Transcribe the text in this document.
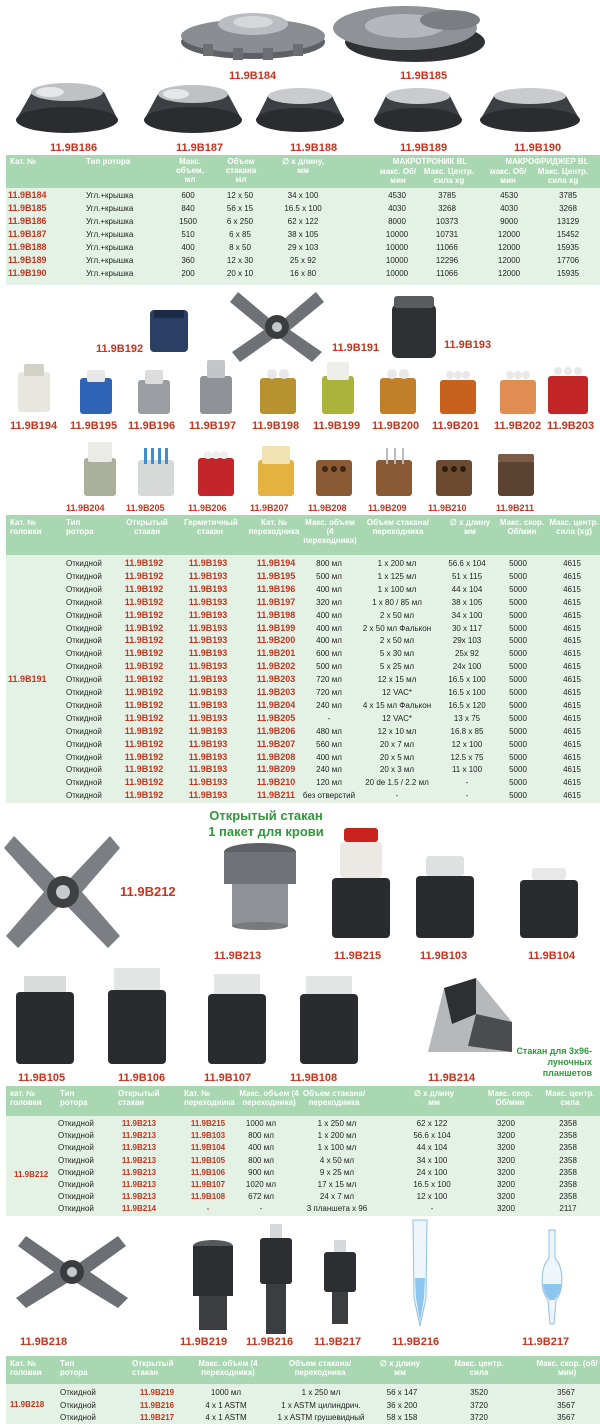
11.9B184	11.9B185
11.9B186	11.9B187	11.9B188	11.9B189	11.9B190
Кат. №	Тип ротора	Макс. объем, мл
Объем стакана мл
∅ x длину, мм
МАКРОТРОНИК BL	МАКРОФРИДЖЕР BL
макс. Об/мин
Макс. Центр. сила xg
макс. Об/мин
Макс. Центр. сила xg
11.9B184	Угл.+крышка	600	12 x 50	34 x 100	4530	3785	4530	3785
11.9B185	Угл.+крышка	840	56 x 15	16.5 x 100	4030	3268	4030	3268
11.9B186	Угл.+крышка	1500	6 x 250	62 x 122	8000	10373	9000	13129
11.9B187	Угл.+крышка	510	6 x 85	38 x 105	10000	10731	12000	15452
11.9B188	Угл.+крышка	400	8 x 50	29 x 103	10000	11066	12000	15935
11.9B189	Угл.+крышка	360	12 x 30	25 x 92	10000	12296	12000	17706
11.9B190	Угл.+крышка	200	20 x 10	16 x 80	10000	11066	12000	15935
11.9B192	11.9B191	11.9B193
11.9B194 11.9B195 11.9B196 11.9B197 11.9B198 11.9B199 11.9B200 11.9B201 11.9B202 11.9B203
11.9B204 11.9B205	11.9B206	11.9B207 11.9B208 11.9B209 11.9B210	11.9B211
Кат. № головки
Тип ротора
Открытый стакан
Герметичный стакан
Кат. № переходника
Макс. объем (4 переходника)
Объем стакана/ переходника
∅ x длину мм
Макс. скор. Об/мин
Макс. центр. сила (xg)
11.9B191
Откидной	11.9B192	11.9B193	11.9B194	800 мл	1 x 200 мл	56.6 x 104	5000	4615
Откидной	11.9B192	11.9B193	11.9B195	500 мл	1 x 125 мл	51 x 115	5000	4615
Откидной	11.9B192	11.9B193	11.9B196	400 мл	1 x 100 мл	44 x 104	5000	4615
Откидной	11.9B192	11.9B193	11.9B197	320 мл	1 x 80 / 85 мл	38 x 105	5000	4615
Откидной	11.9B192	11.9B193	11.9B198	400 мл	2 x 50 мл	34 x 100	5000	4615
Откидной	11.9B192	11.9B193	11.9B199	400 мл	2 x 50 мл Фалькон	30 x 117	5000	4615
Откидной	11.9B192	11.9B193	11.9B200	400 мл	2 x 50 мл	29x 103	5000	4615
Откидной	11.9B192	11.9B193	11.9B201	600 мл	5 x 30 мл	25x 92	5000	4615
Откидной	11.9B192	11.9B193	11.9B202	500 мл	5 x 25 мл	24x 100	5000	4615
Откидной	11.9B192	11.9B193	11.9B203	720 мл	12 x 15 мл	16.5 x 100	5000	4615
Откидной	11.9B192	11.9B193	11.9B203	720 мл	12 VAC*	16.5 x 100	5000	4615
Откидной	11.9B192	11.9B193	11.9B204	240 мл	4 x 15 мл Фалькон	16.5 x 120	5000	4615
Откидной	11.9B192	11.9B193	11.9B205	-	12 VAC*	13 x 75	5000	4615
Откидной	11.9B192	11.9B193	11.9B206	480 мл	12 x 10 мл	16.8 x 85	5000	4615
Откидной	11.9B192	11.9B193	11.9B207	560 мл	20 x 7 мл	12 x 100	5000	4615
Откидной	11.9B192	11.9B193	11.9B208	400 мл	20 x 5 мл	12.5 x 75	5000	4615
Откидной	11.9B192	11.9B193	11.9B209	240 мл	20 x 3 мл	11 x 100	5000	4615
Откидной	11.9B192	11.9B193	11.9B210	120 мл	20 de 1.5 / 2.2 мл	-	5000	4615
Откидной	11.9B192	11.9B193	11.9B211 без отверстий	-	-	5000	4615
11.9B212
Открытый стакан
1 пакет для крови
11.9B213	11.9B215	11.9B103	11.9B104
Стакан для 3x96-луночных планшетов
11.9B105	11.9B106	11.9B107	11.9B108	11.9B214
кат. № головки
Тип ротора
Открытый стакан
Кат. № переходника
Макс. объем (4 переходника)
Объем стакана/ переходника
∅ x длину мм
Макс. скор. Об/мин
Макс. центр. сила
11.9B212
Откидной	11.9B213	11.9B215	1000 мл	1 x 250 мл	62 x 122	3200	2358
Откидной	11.9B213	11.9B103	800 мл	1 x 200 мл	56.6 x 104	3200	2358
Откидной	11.9B213	11.9B104	400 мл	1 x 100 мл	44 x 104	3200	2358
Откидной	11.9B213	11.9B105	800 мл	4 x 50 мл	34 x 100	3200	2358
Откидной	11.9B213	11.9B106	900 мл	9 x 25 мл	24 x 100	3200	2358
Откидной	11.9B213	11.9B107	1020 мл	17 x 15 мл	16.5 x 100	3200	2358
Откидной	11.9B213	11.9B108	672 мл	24 x 7 мл	12 x 100	3200	2358
Откидной	11.9B214	-	-	3 планшета x 96	-	3200	2117
11.9B218	11.9B219 11.9B216 11.9B217	11.9B216	11.9B217
Кат. № головки
Тип ротора
Открытый стакан
Макс. объем (4 переходника)
Объем стакана/ переходника
∅ x длину мм
Макс. центр. сила
Макс. скор. (об/мин)
11.9B218
Откидной	11.9B219	1000 мл	1 x 250 мл	56 x 147	3520	3567
Откидной	11.9B216	4 x 1 ASTM	1 x ASTM цилиндрич.	36 x 200	3720	3567
Откидной	11.9B217	4 x 1 ASTM	1 x ASTM грушевидный	58 x 158	3720	3567
